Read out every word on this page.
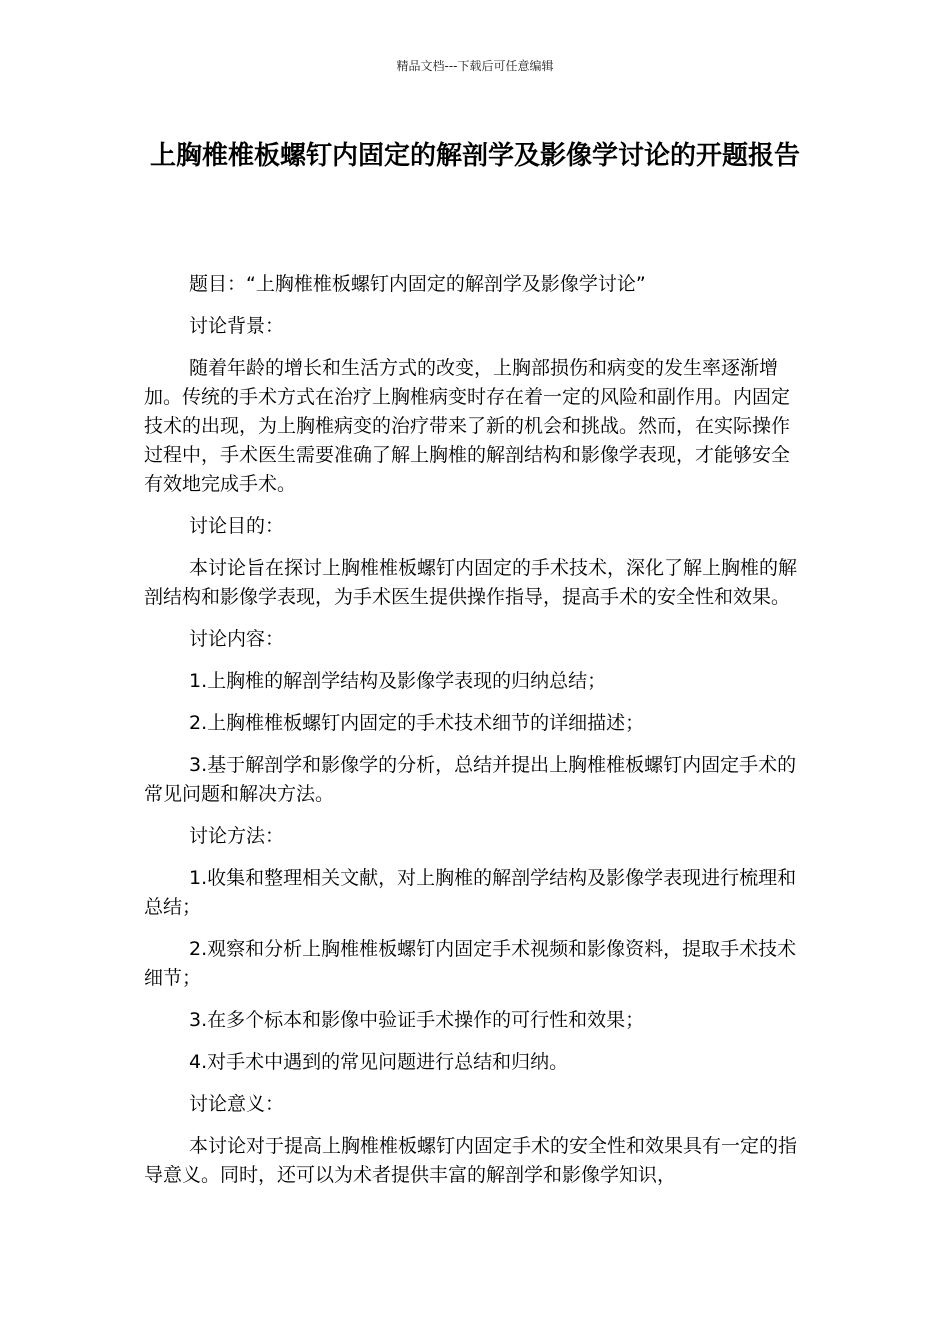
精品文档---下载后可任意编辑
上胸椎椎板螺钉内固定的解剖学及影像学讨论的开题报告

题目：“上胸椎椎板螺钉内固定的解剖学及影像学讨论”

讨论背景：

随着年龄的增长和生活方式的改变，上胸部损伤和病变的发生率逐渐增加。传统的手术方式在治疗上胸椎病变时存在着一定的风险和副作用。内固定技术的出现，为上胸椎病变的治疗带来了新的机会和挑战。然而，在实际操作过程中，手术医生需要准确了解上胸椎的解剖结构和影像学表现，才能够安全有效地完成手术。

讨论目的：

本讨论旨在探讨上胸椎椎板螺钉内固定的手术技术，深化了解上胸椎的解剖结构和影像学表现，为手术医生提供操作指导，提高手术的安全性和效果。

讨论内容：

1.上胸椎的解剖学结构及影像学表现的归纳总结；

2.上胸椎椎板螺钉内固定的手术技术细节的详细描述；

3.基于解剖学和影像学的分析，总结并提出上胸椎椎板螺钉内固定手术的常见问题和解决方法。

讨论方法：

1.收集和整理相关文献，对上胸椎的解剖学结构及影像学表现进行梳理和总结；

2.观察和分析上胸椎椎板螺钉内固定手术视频和影像资料，提取手术技术细节；

3.在多个标本和影像中验证手术操作的可行性和效果；

4.对手术中遇到的常见问题进行总结和归纳。

讨论意义：

本讨论对于提高上胸椎椎板螺钉内固定手术的安全性和效果具有一定的指导意义。同时，还可以为术者提供丰富的解剖学和影像学知识，
